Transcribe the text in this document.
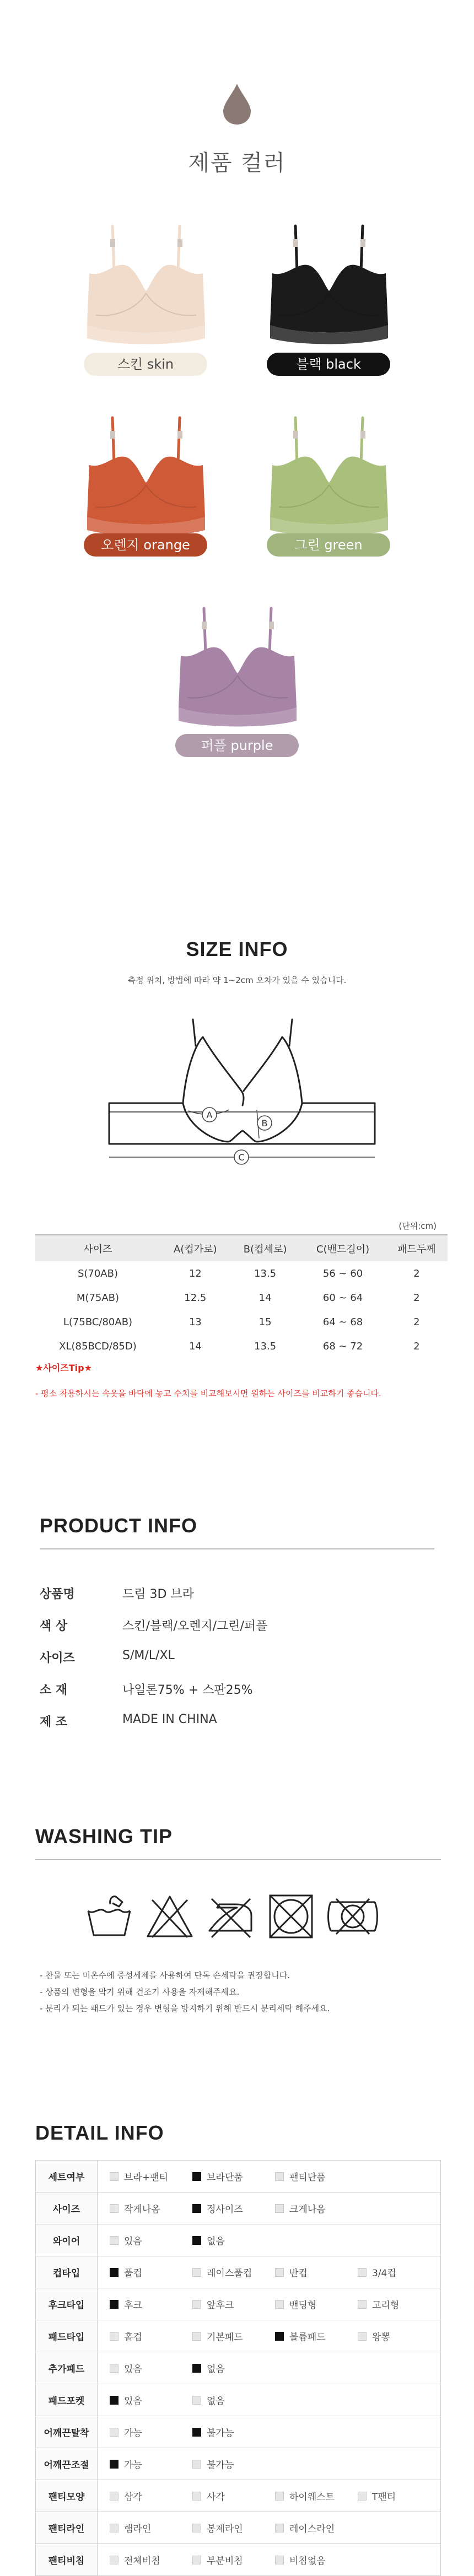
제품 컬러
스킨 skin	블랙 black
오렌지 orange	그린 green
퍼플 purple
SIZE INFO
측정 위치, 방법에 따라 약 1~2cm 오차가 있을 수 있습니다.
A
B
C
(단위:cm)
사이즈	A(컵가로)	B(컵세로)	C(밴드길이)	패드두께
S(70AB)	12	13.5	56 ~ 60	2
M(75AB)	12.5	14	60 ~ 64	2
L(75BC/80AB)	13	15	64 ~ 68	2
XL(85BCD/85D)	14	13.5	68 ~ 72	2
★사이즈Tip★
- 평소 착용하시는 속옷을 바닥에 놓고 수치를 비교해보시면 원하는 사이즈를 비교하기 좋습니다.
PRODUCT INFO
상품명	드림 3D 브라
색 상	스킨/블랙/오렌지/그린/퍼플
사이즈	S/M/L/XL
소 재	나일론75% + 스판25%
제 조	MADE IN CHINA
WASHING TIP
- 찬물 또는 미온수에 중성세제를 사용하여 단독 손세탁을 권장합니다.
- 상품의 변형을 막기 위해 건조기 사용을 자제해주세요.
- 분리가 되는 패드가 있는 경우 변형을 방지하기 위해 반드시 분리세탁 해주세요.
DETAIL INFO
세트여부	브라+팬티 브라단품 팬티단품

사이즈	작게나옴 정사이즈 크게나옴

와이어	있음 없음

컵타입	풀컵 레이스풀컵 반컵 3/4컵

후크타입	후크 앞후크 밴딩형 고리형

패드타입	홑겹 기본패드 볼륨패드 왕뽕

추가패드	있음 없음

패드포켓	있음 없음

어깨끈탈착	가능 불가능

어깨끈조절	가능 불가능

팬티모양	삼각 사각 하이웨스트 T팬티

팬티라인	햄라인 봉제라인 레이스라인

팬티비침	전체비침 부분비침 비침없음
